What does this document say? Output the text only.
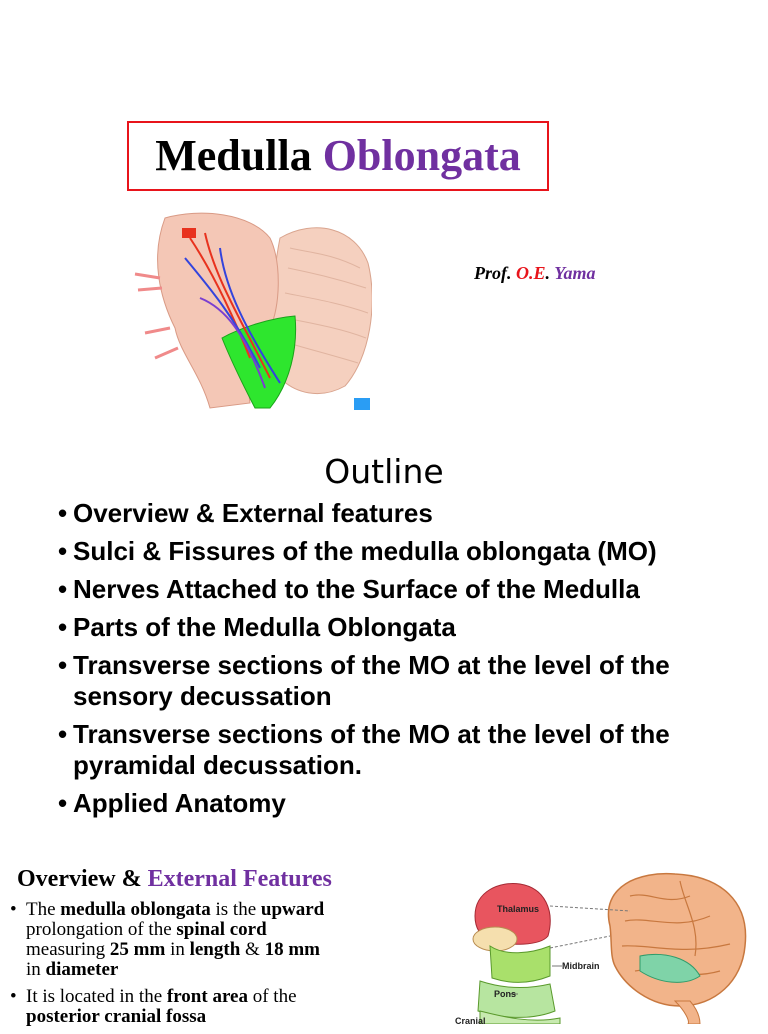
Medulla
Oblongata
Prof. O.E. Yama
Outline
• Overview & External features
• Sulci & Fissures of the medulla oblongata (MO)
• Nerves Attached to the Surface of the Medulla
• Parts of the Medulla Oblongata
• Transverse sections of the MO at the level of the sensory decussation
• Transverse sections of the MO at the level of the pyramidal decussation.
• Applied Anatomy
Overview & External Features
• The medulla oblongata is the upward prolongation of the spinal cord measuring 25 mm in length & 18 mm in diameter
• It is located in the front area of the posterior cranial fossa
Thalamus
Midbrain
Pons
Cranial
